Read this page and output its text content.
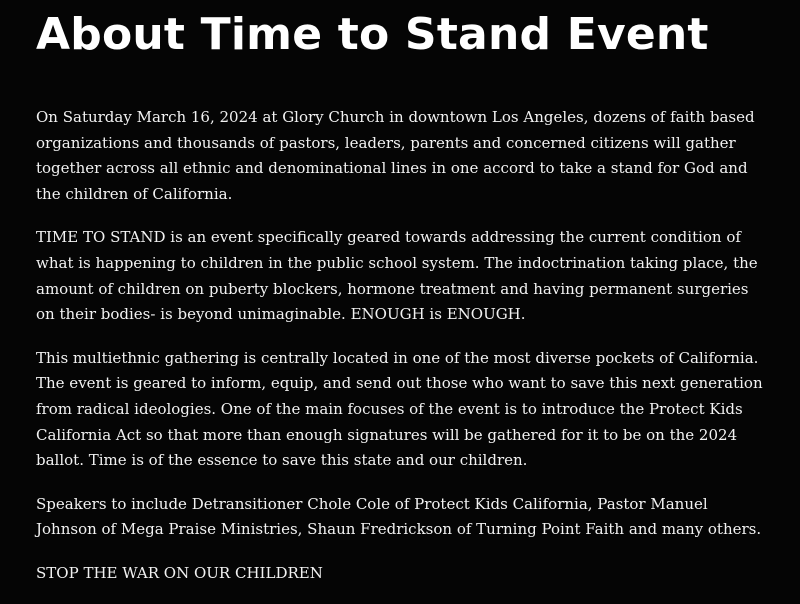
About Time to Stand Event

On Saturday March 16, 2024 at Glory Church in downtown Los Angeles, dozens of faith based organizations and thousands of pastors, leaders, parents and concerned citizens will gather together across all ethnic and denominational lines in one accord to take a stand for God and the children of California.

TIME TO STAND is an event specifically geared towards addressing the current condition of what is happening to children in the public school system. The indoctrination taking place, the amount of children on puberty blockers, hormone treatment and having permanent surgeries on their bodies- is beyond unimaginable. ENOUGH is ENOUGH.

This multiethnic gathering is centrally located in one of the most diverse pockets of California. The event is geared to inform, equip, and send out those who want to save this next generation from radical ideologies. One of the main focuses of the event is to introduce the Protect Kids California Act so that more than enough signatures will be gathered for it to be on the 2024 ballot. Time is of the essence to save this state and our children.

Speakers to include Detransitioner Chole Cole of Protect Kids California, Pastor Manuel Johnson of Mega Praise Ministries, Shaun Fredrickson of Turning Point Faith and many others.

STOP THE WAR ON OUR CHILDREN
